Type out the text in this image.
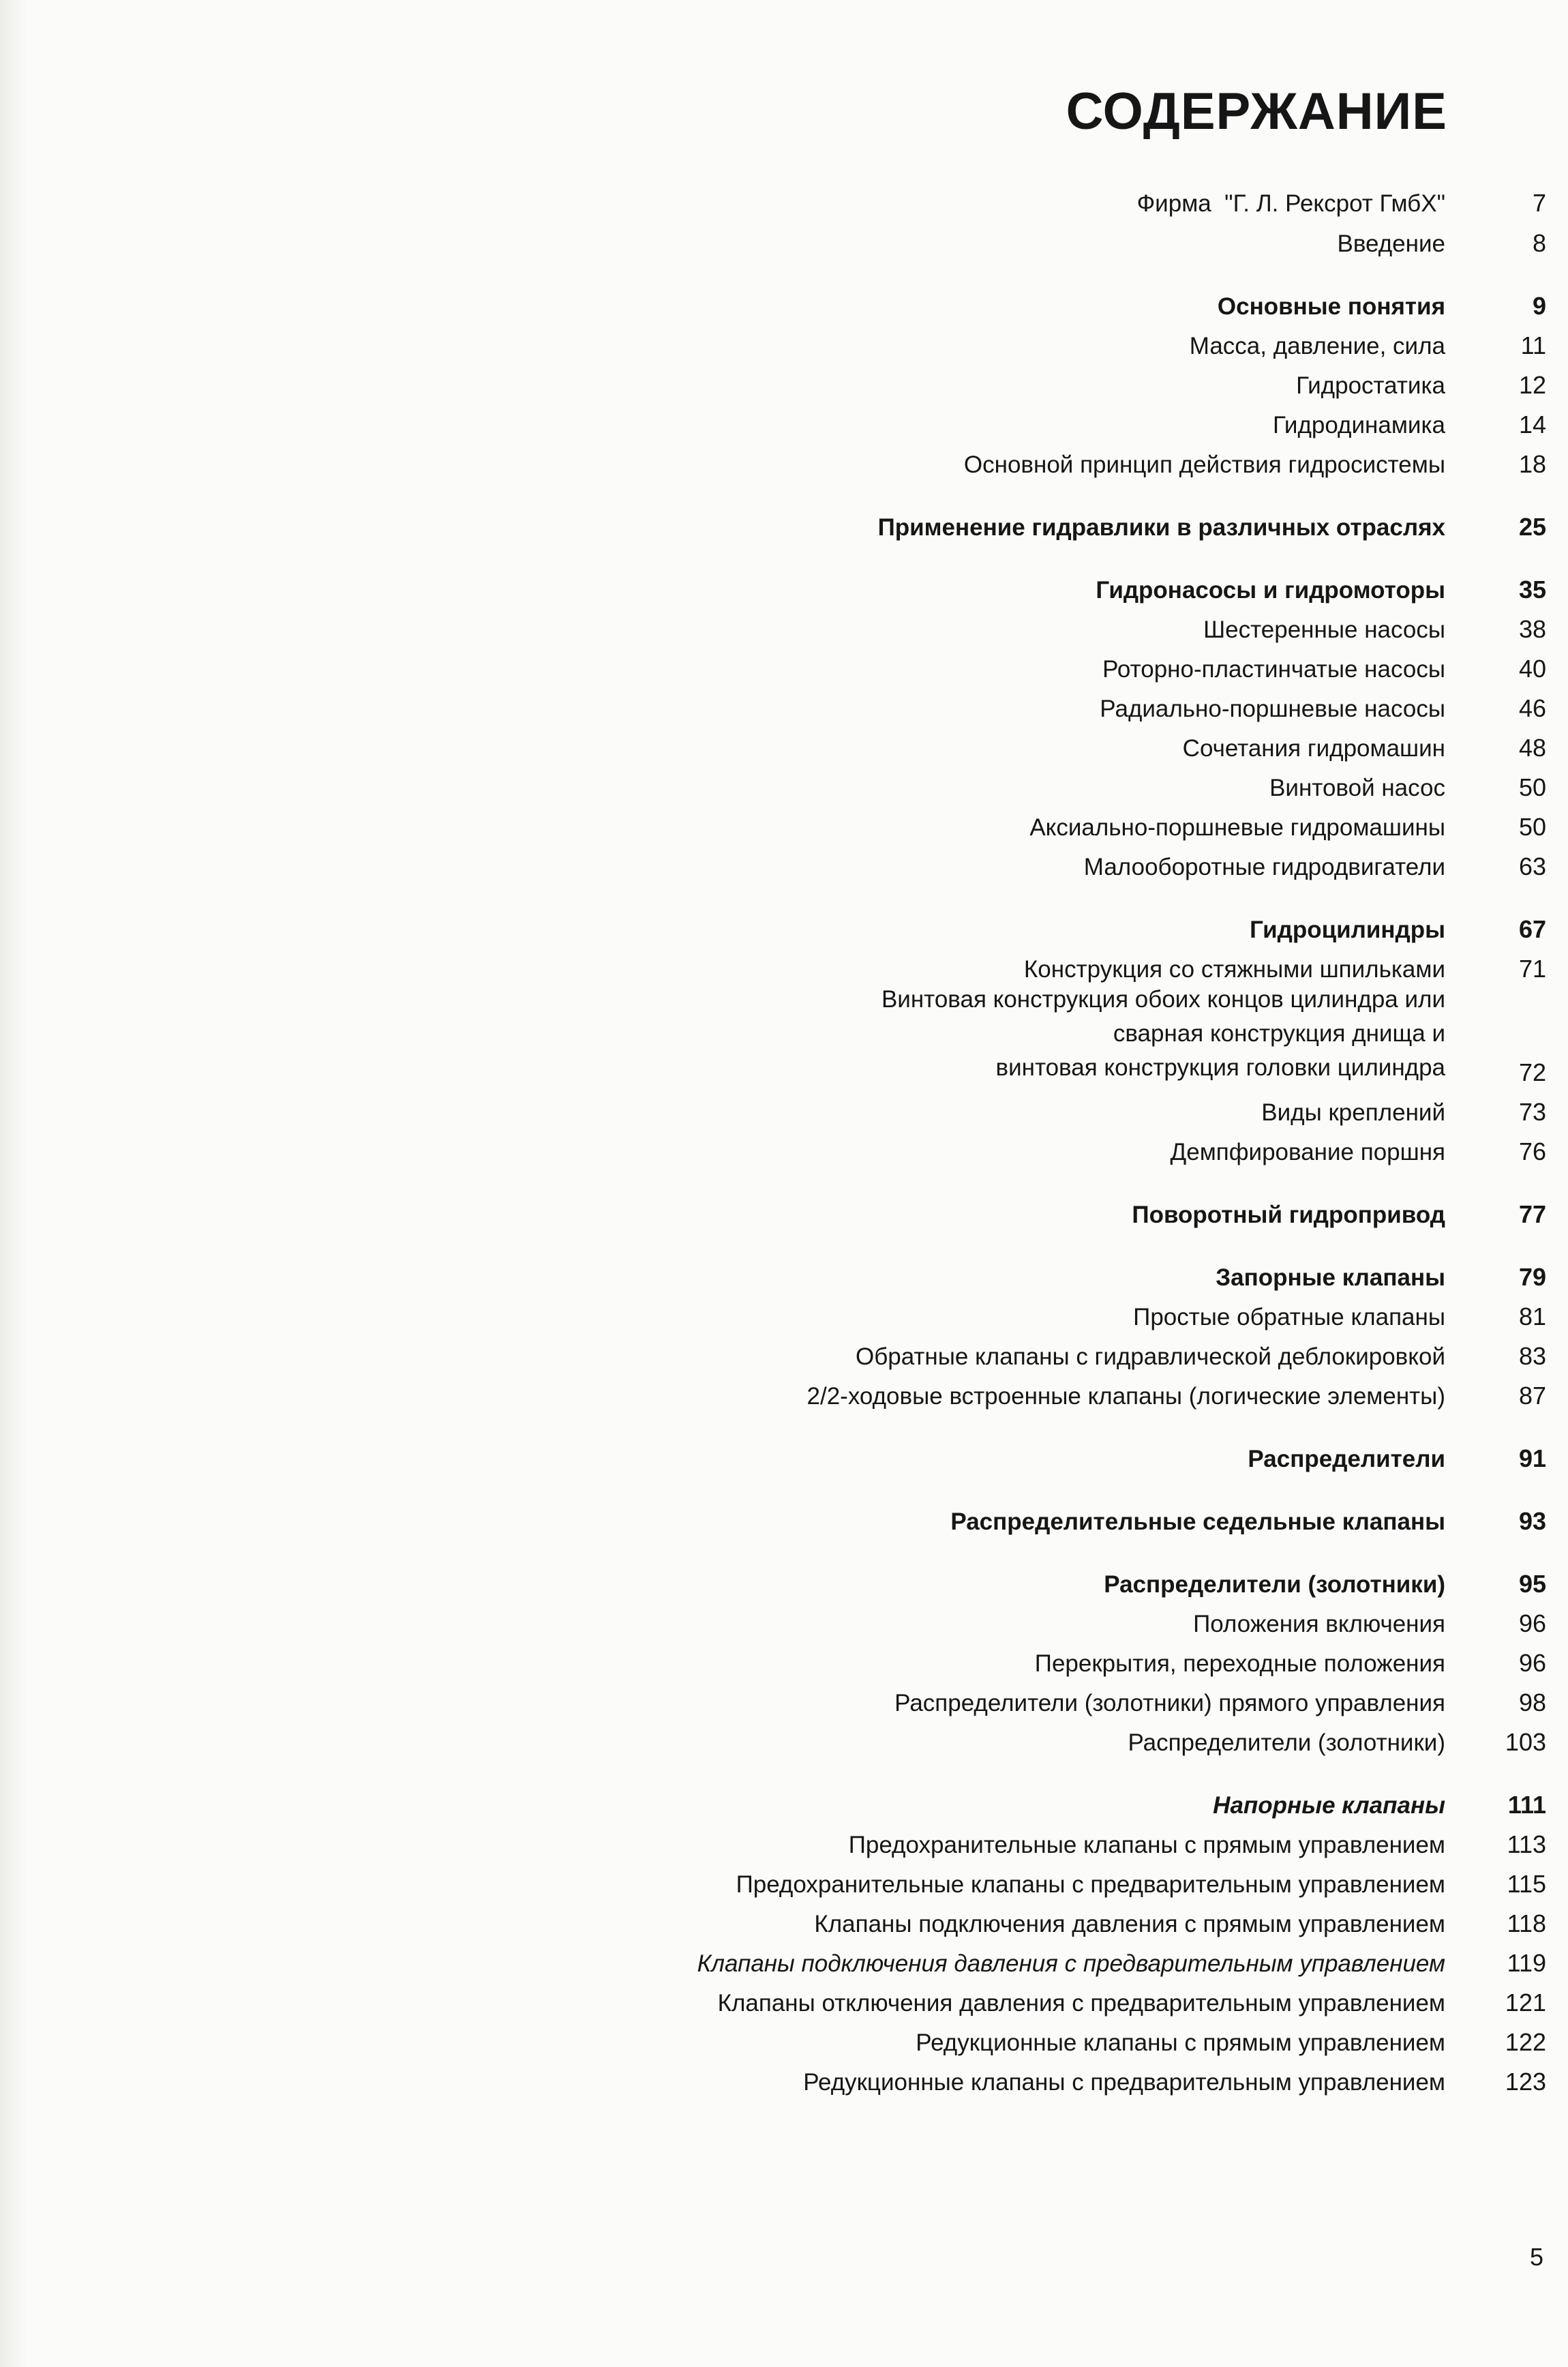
СОДЕРЖАНИЕ
Фирма  "Г. Л. Рексрот ГмбХ"	7
Введение	8
Основные понятия	9
Масса, давление, сила	11
Гидростатика	12
Гидродинамика	14
Основной принцип действия гидросистемы	18
Применение гидравлики в различных отраслях	25
Гидронасосы и гидромоторы	35
Шестеренные насосы	38
Роторно-пластинчатые насосы	40
Радиально-поршневые насосы	46
Сочетания гидромашин	48
Винтовой насос	50
Аксиально-поршневые гидромашины	50
Малооборотные гидродвигатели	63
Гидроцилиндры	67
Конструкция со стяжными шпильками	71
Винтовая конструкция обоих концов цилиндра или
сварная конструкция днища и
винтовая конструкция головки цилиндра	72
Виды креплений	73
Демпфирование поршня	76
Поворотный гидропривод	77
Запорные клапаны	79
Простые обратные клапаны	81
Обратные клапаны с гидравлической деблокировкой	83
2/2-ходовые встроенные клапаны (логические элементы)	87
Распределители	91
Распределительные седельные клапаны	93
Распределители (золотники)	95
Положения включения	96
Перекрытия, переходные положения	96
Распределители (золотники) прямого управления	98
Распределители (золотники)	103
Напорные клапаны	111
Предохранительные клапаны с прямым управлением	113
Предохранительные клапаны с предварительным управлением	115
Клапаны подключения давления с прямым управлением	118
Клапаны подключения давления с предварительным управлением	119
Клапаны отключения давления с предварительным управлением	121
Редукционные клапаны с прямым управлением	122
Редукционные клапаны с предварительным управлением	123
5
